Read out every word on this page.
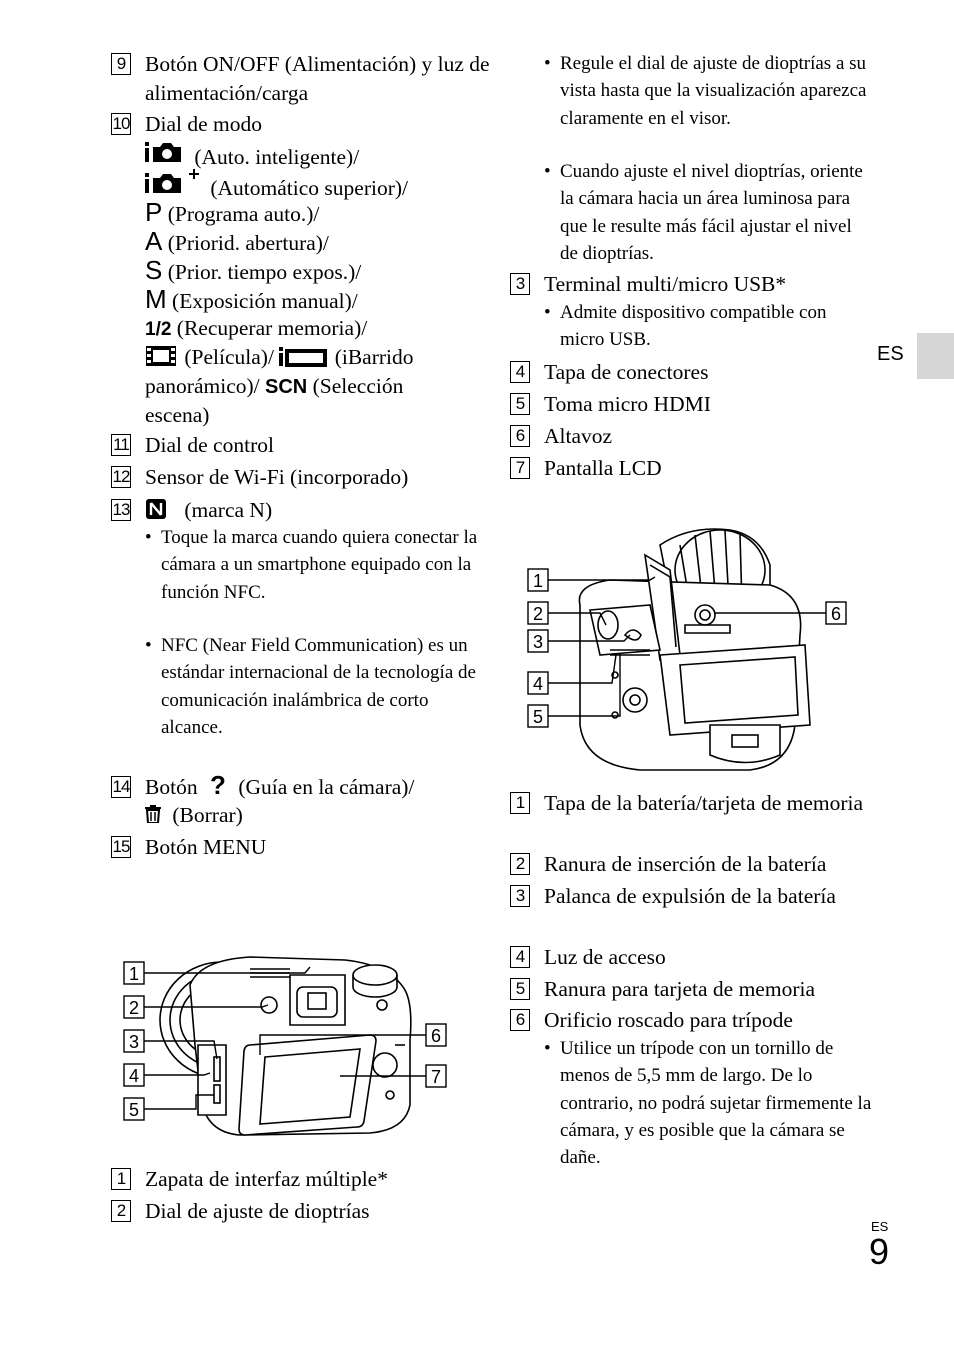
9 Botón ON/OFF (Alimentación) y luz de alimentación/carga
10 Dial de modo
(Auto. inteligente)/
(Automático superior)/
P (Programa auto.)/
A (Priorid. abertura)/
S (Prior. tiempo expos.)/
M (Exposición manual)/
1/2 (Recuperar memoria)/
(Película)/	(iBarrido
panorámico)/ SCN (Selección
escena)
11 Dial de control
12 Sensor de Wi-Fi (incorporado)
13	(marca N)
• Toque la marca cuando quiera conectar la cámara a un smartphone equipado con la función NFC.
• NFC (Near Field Communication) es un estándar internacional de la tecnología de comunicación inalámbrica de corto alcance.
14 Botón ? (Guía en la cámara)/
(Borrar)
15 Botón MENU
1
2
3
4
5
6
7
1 Zapata de interfaz múltiple*
2 Dial de ajuste de dioptrías
• Regule el dial de ajuste de dioptrías a su vista hasta que la visualización aparezca claramente en el visor.
• Cuando ajuste el nivel dioptrías, oriente la cámara hacia un área luminosa para que le resulte más fácil ajustar el nivel de dioptrías.
3 Terminal multi/micro USB*
• Admite dispositivo compatible con micro USB.
4 Tapa de conectores
5 Toma micro HDMI
6 Altavoz
7 Pantalla LCD
1
2
3
4
5
6
1 Tapa de la batería/tarjeta de memoria
2 Ranura de inserción de la batería
3 Palanca de expulsión de la batería
4 Luz de acceso
5 Ranura para tarjeta de memoria
6 Orificio roscado para trípode
• Utilice un trípode con un tornillo de menos de 5,5 mm de largo. De lo contrario, no podrá sujetar firmemente la cámara, y es posible que la cámara se dañe.
ES
ES
9
